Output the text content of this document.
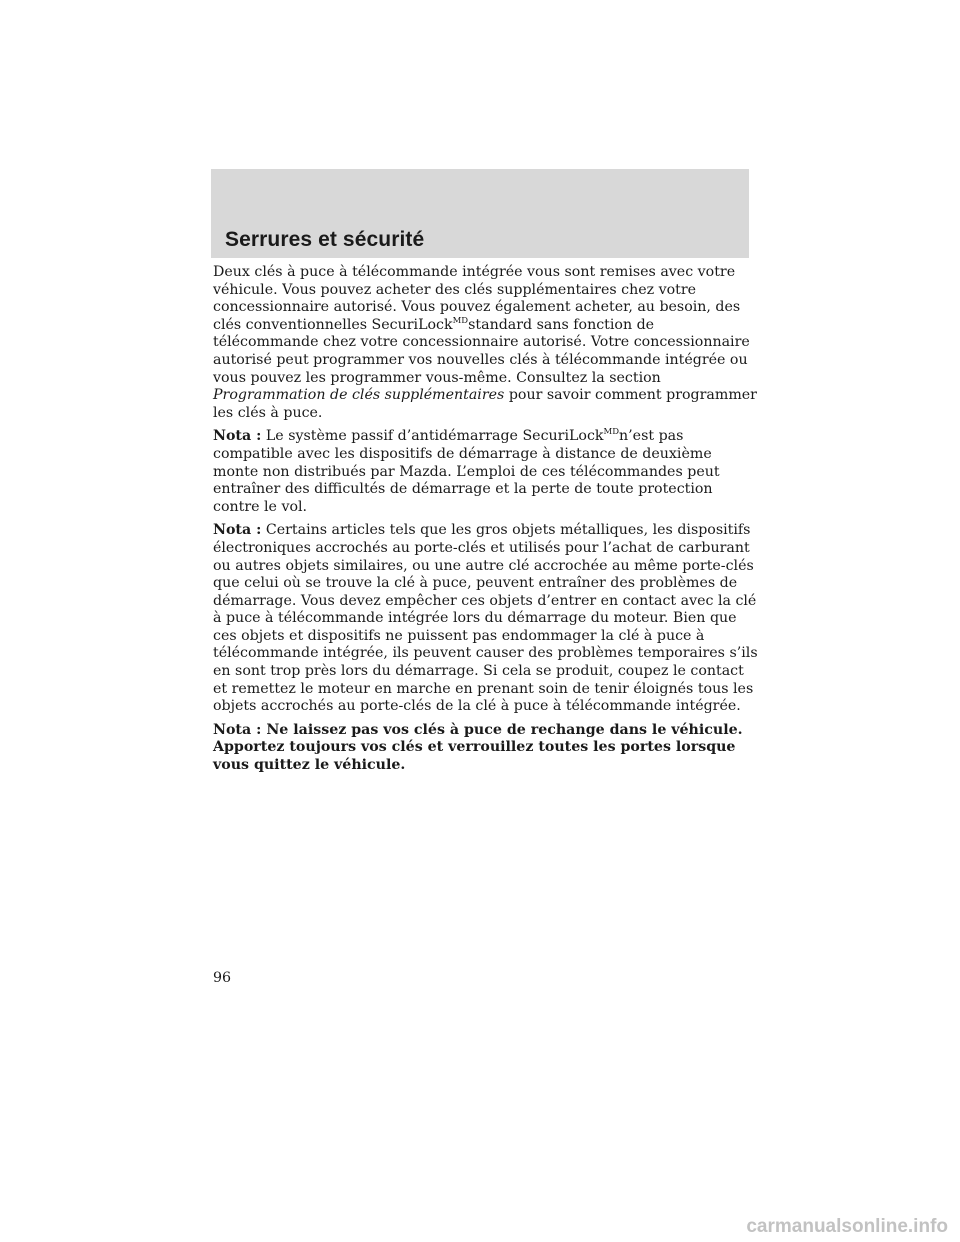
Serrures et sécurité

Deux clés à puce à télécommande intégrée vous sont remises avec votre véhicule. Vous pouvez acheter des clés supplémentaires chez votre concessionnaire autorisé. Vous pouvez également acheter, au besoin, des clés conventionnelles SecuriLock$^{MD}$standard sans fonction de télécommande chez votre concessionnaire autorisé. Votre concessionnaire autorisé peut programmer vos nouvelles clés à télécommande intégrée ou vous pouvez les programmer vous-même. Consultez la section Programmation de clés supplémentaires pour savoir comment programmer les clés à puce.

Nota : Le système passif d’antidémarrage SecuriLock$^{MD}$n’est pas compatible avec les dispositifs de démarrage à distance de deuxième monte non distribués par Mazda. L’emploi de ces télécommandes peut entraîner des difficultés de démarrage et la perte de toute protection contre le vol.

Nota : Certains articles tels que les gros objets métalliques, les dispositifs électroniques accrochés au porte-clés et utilisés pour l’achat de carburant ou autres objets similaires, ou une autre clé accrochée au même porte-clés que celui où se trouve la clé à puce, peuvent entraîner des problèmes de démarrage. Vous devez empêcher ces objets d’entrer en contact avec la clé à puce à télécommande intégrée lors du démarrage du moteur. Bien que ces objets et dispositifs ne puissent pas endommager la clé à puce à télécommande intégrée, ils peuvent causer des problèmes temporaires s’ils en sont trop près lors du démarrage. Si cela se produit, coupez le contact et remettez le moteur en marche en prenant soin de tenir éloignés tous les objets accrochés au porte-clés de la clé à puce à télécommande intégrée.

Nota : Ne laissez pas vos clés à puce de rechange dans le véhicule. Apportez toujours vos clés et verrouillez toutes les portes lorsque vous quittez le véhicule.

96
carmanualsonline.info
